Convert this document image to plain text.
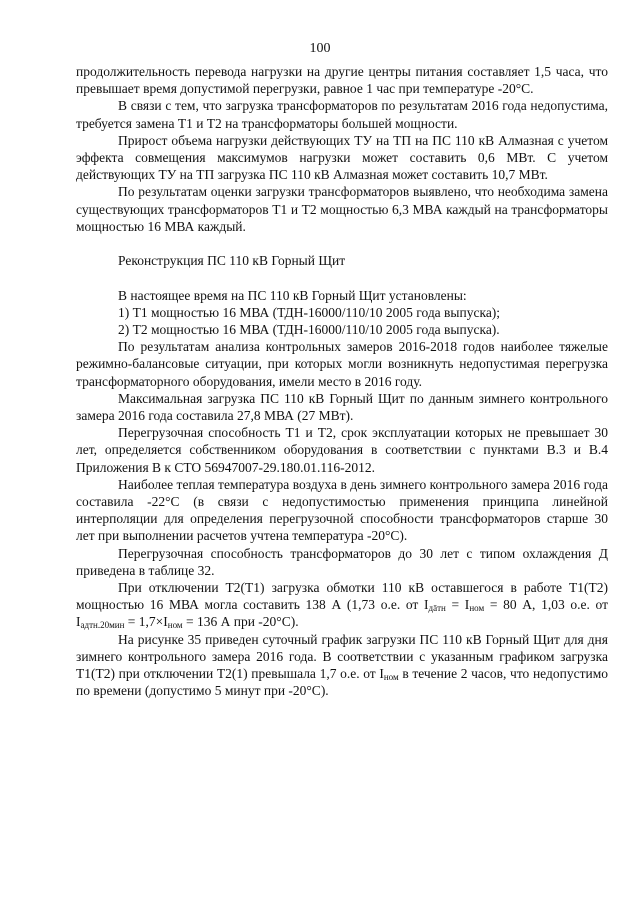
100

продолжительность перевода нагрузки на другие центры питания составляет 1,5 часа, что превышает время допустимой перегрузки, равное 1 час при температуре -20°С.

В связи с тем, что загрузка трансформаторов по результатам 2016 года недопустима, требуется замена Т1 и Т2 на трансформаторы большей мощности.

Прирост объема нагрузки действующих ТУ на ТП на ПС 110 кВ Алмазная с учетом эффекта совмещения максимумов нагрузки может составить 0,6 МВт. С учетом действующих ТУ на ТП загрузка ПС 110 кВ Алмазная может составить 10,7 МВт.

По результатам оценки загрузки трансформаторов выявлено, что необходима замена существующих трансформаторов Т1 и Т2 мощностью 6,3 МВА каждый на трансформаторы мощностью 16 МВА каждый.

Реконструкция ПС 110 кВ Горный Щит

В настоящее время на ПС 110 кВ Горный Щит установлены:

1) Т1 мощностью 16 МВА (ТДН-16000/110/10 2005 года выпуска);

2) Т2 мощностью 16 МВА (ТДН-16000/110/10 2005 года выпуска).

По результатам анализа контрольных замеров 2016-2018 годов наиболее тяжелые режимно-балансовые ситуации, при которых могли возникнуть недопустимая перегрузка трансформаторного оборудования, имели место в 2016 году.

Максимальная загрузка ПС 110 кВ Горный Щит по данным зимнего контрольного замера 2016 года составила 27,8 МВА (27 МВт).

Перегрузочная способность Т1 и Т2, срок эксплуатации которых не превышает 30 лет, определяется собственником оборудования в соответствии с пунктами В.3 и В.4 Приложения В к СТО 56947007-29.180.01.116-2012.

Наиболее теплая температура воздуха в день зимнего контрольного замера 2016 года составила -22°С (в связи с недопустимостью применения принципа линейной интерполяции для определения перегрузочной способности трансформаторов старше 30 лет при выполнении расчетов учтена температура -20°С).

Перегрузочная способность трансформаторов до 30 лет с типом охлаждения Д приведена в таблице 32.

При отключении Т2(Т1) загрузка обмотки 110 кВ оставшегося в работе Т1(Т2) мощностью 16 МВА могла составить 138 А (1,73 о.е. от $I_{дāтн} = I_{ном} = 80$ А, 1,03 о.е. от $I_{адтн.20мин} = 1,7\times I_{ном} = 136$ А при -20°С).

На рисунке 35 приведен суточный график загрузки ПС 110 кВ Горный Щит для дня зимнего контрольного замера 2016 года. В соответствии с указанным графиком загрузка Т1(Т2) при отключении Т2(1) превышала 1,7 о.е. от $I_{ном}$ в течение 2 часов, что недопустимо по времени (допустимо 5 минут при -20°С).
